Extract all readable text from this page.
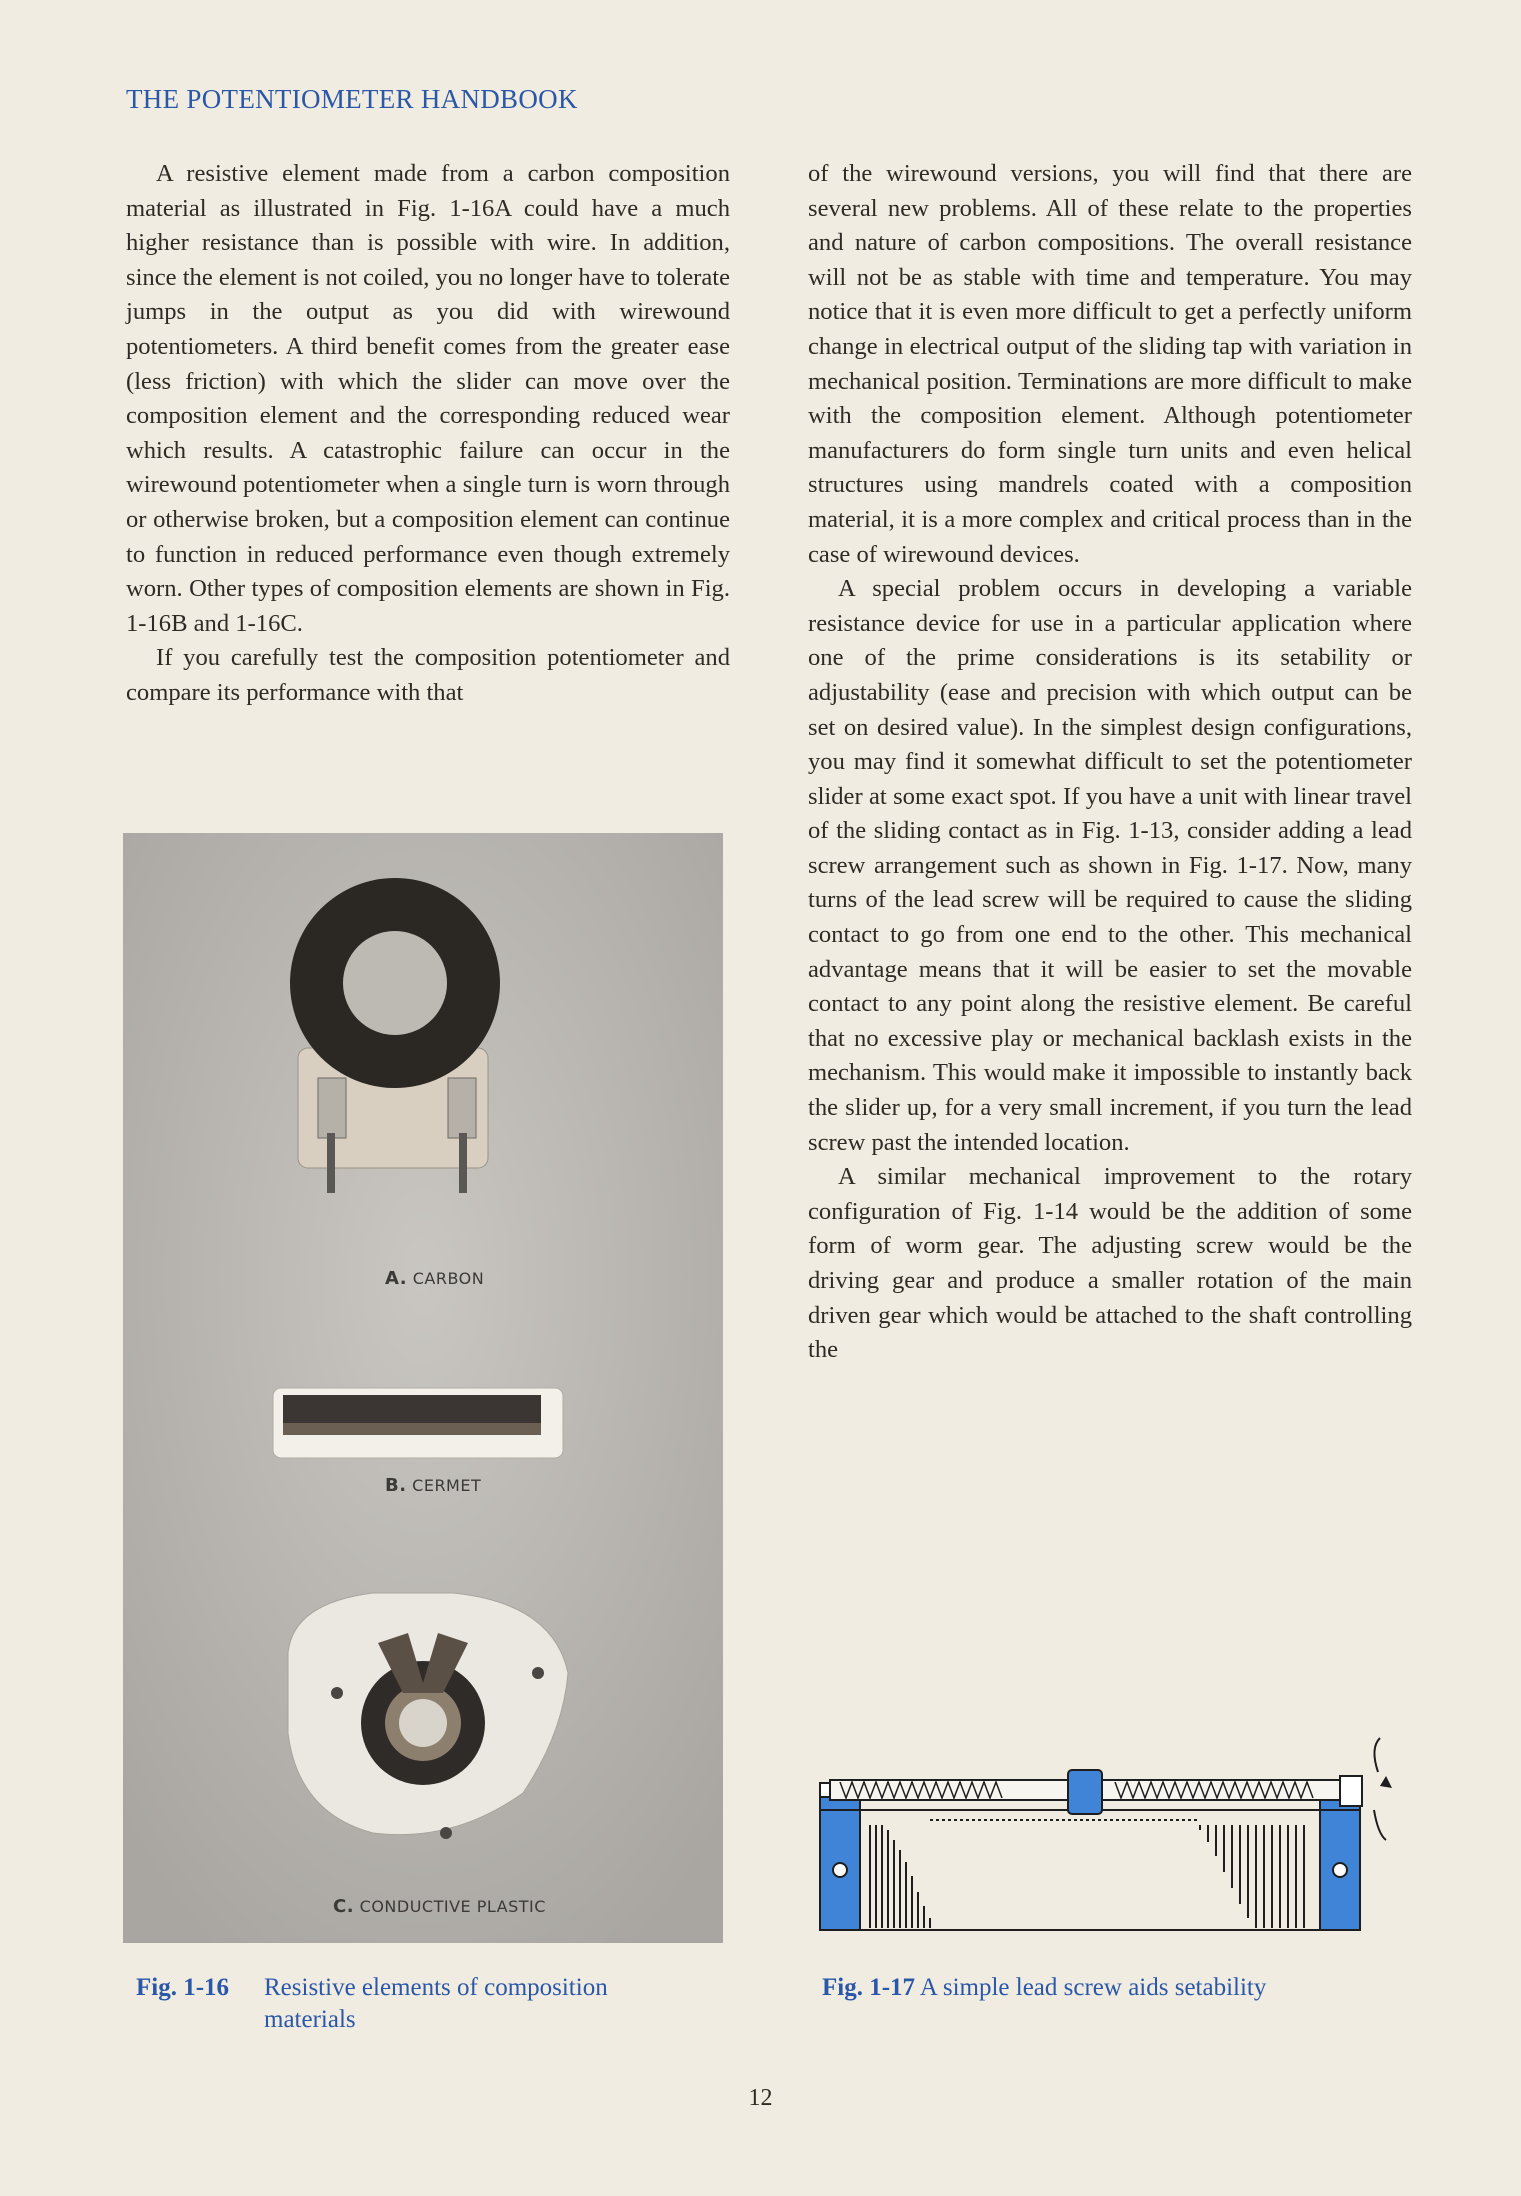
THE POTENTIOMETER HANDBOOK

A resistive element made from a carbon composition material as illustrated in Fig. 1-16A could have a much higher resistance than is possible with wire. In addition, since the element is not coiled, you no longer have to tolerate jumps in the output as you did with wirewound potentiometers. A third benefit comes from the greater ease (less friction) with which the slider can move over the composition element and the corresponding reduced wear which results. A catastrophic failure can occur in the wirewound potentiometer when a single turn is worn through or otherwise broken, but a composition element can continue to function in reduced performance even though extremely worn. Other types of composition elements are shown in Fig. 1-16B and 1-16C.

If you carefully test the composition potentiometer and compare its performance with that

of the wirewound versions, you will find that there are several new problems. All of these relate to the properties and nature of carbon compositions. The overall resistance will not be as stable with time and temperature. You may notice that it is even more difficult to get a perfectly uniform change in electrical output of the sliding tap with variation in mechanical position. Terminations are more difficult to make with the composition element. Although potentiometer manufacturers do form single turn units and even helical structures using mandrels coated with a composition material, it is a more complex and critical process than in the case of wirewound devices.

A special problem occurs in developing a variable resistance device for use in a particular application where one of the prime considerations is its setability or adjustability (ease and precision with which output can be set on desired value). In the simplest design configurations, you may find it somewhat difficult to set the potentiometer slider at some exact spot. If you have a unit with linear travel of the sliding contact as in Fig. 1-13, consider adding a lead screw arrangement such as shown in Fig. 1-17. Now, many turns of the lead screw will be required to cause the sliding contact to go from one end to the other. This mechanical advantage means that it will be easier to set the movable contact to any point along the resistive element. Be careful that no excessive play or mechanical backlash exists in the mechanism. This would make it impossible to instantly back the slider up, for a very small increment, if you turn the lead screw past the intended location.

A similar mechanical improvement to the rotary configuration of Fig. 1-14 would be the addition of some form of worm gear. The adjusting screw would be the driving gear and produce a smaller rotation of the main driven gear which would be attached to the shaft controlling the

A. CARBON
B. CERMET
C. CONDUCTIVE PLASTIC
Fig. 1-16 Resistive elements of composition materials
Fig. 1-17 A simple lead screw aids setability
12
